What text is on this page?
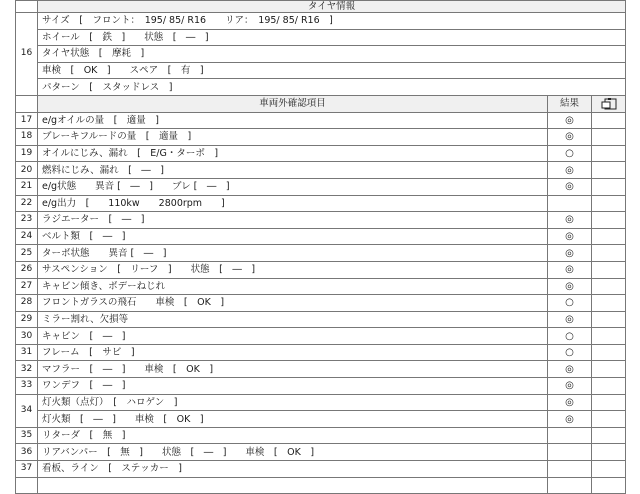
	タイヤ情報		
16	サイズ　[　フロント：　195/ 85/ R16　　リア：　195/ 85/ R16　]		
	ホイール　[　鉄　]　　状態　[　―　]		
	タイヤ状態　[　摩耗　]		
	車検　[　OK　]　　スペア　[　有　]		
	パターン　[　スタッドレス　]		
	車両外確認項目	結果	
17	e/gオイルの量　[　適量　]	◎	
18	ブレーキフルードの量　[　適量　]	◎	
19	オイルにじみ、漏れ　[　E/G・ターボ　]	○	
20	燃料にじみ、漏れ　[　―　]	◎	
21	e/g状態　　異音 [　―　]　　ブレ [　―　]	◎	
22	e/g出力　[　　110kw　　2800rpm　　]		
23	ラジエーター　[　―　]	◎	
24	ベルト類　[　―　]	◎	
25	ターボ状態　　異音 [　―　]	◎	
26	サスペンション　[　リーフ　]　　状態　[　―　]	◎	
27	キャビン傾き、ボデーねじれ	◎	
28	フロントガラスの飛石　　車検　[　OK　]	○	
29	ミラー割れ、欠損等	◎	
30	キャビン　[　―　]	○	
31	フレーム　[　サビ　]	○	
32	マフラー　[　―　]　　車検　[　OK　]	◎	
33	ワンデフ　[　―　]	◎	
34	灯火類（点灯）　[　ハロゲン　]	◎	
	灯火類　[　―　]　　車検　[　OK　]	◎	
35	リターダ　[　無　]		
36	リアバンパー　[　無　]　　状態　[　―　]　　車検　[　OK　]		
37	看板、ライン　[　ステッカー　]		
